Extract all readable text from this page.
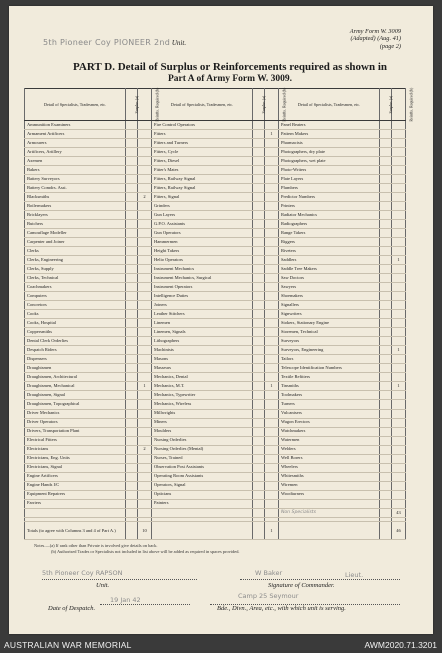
5th Pioneer Coy PIONEER 2nd Unit.
Army Form W. 3009
(Adapted) (Aug. 41)
(page 2)
PART D. Detail of Surplus or Reinforcements required as shown in
Part A of Army Form W. 3009.
Detail of Specialists, Tradesmen, etc.	Surplus (a)	Reinfts. Required (b)	Detail of Specialists, Tradesmen, etc.	Surplus (a)	Reinfts. Required (b)	Detail of Specialists, Tradesmen, etc.	Surplus (a)	Reinfts. Required (b)
Ammunition Examiners			Fire Control Operators			Panel Beaters		
Armament Artificers			Fitters		1	Pattern Makers		
Armourers			Fitters and Turners			Pharmacists		
Artificers, Artillery			Fitters, Cycle			Photographers, dry plate		
Axemen			Fitters, Diesel			Photographers, wet plate		
Bakers			Fitter's Mates			Photo-Writers		
Battery Surveyors			Fitters, Railway Signal			Plate Layers		
Battery Comdrs. Asst.			Fitters, Railway Signal			Plumbers		
Blacksmiths		2	Fitters, Signal			Predictor Numbers		
Boilermakers			Grinders			Printers		
Bricklayers			Gun Layers			Radiator Mechanics		
Butchers			G.P.O. Assistants			Radiographers		
Camouflage Modeller			Gun Operators			Range Takers		
Carpenter and Joiner			Hammermen			Riggers		
Clerks			Height Takers			Riveters		
Clerks, Engineering			Helio Operators			Saddlers		1
Clerks, Supply			Instrument Mechanics			Saddle Tree Makers		
Clerks, Technical			Instrument Mechanics, Surgical			Saw Doctors		
Coachmakers			Instrument Operators			Sawyers		
Computers			Intelligence Duties			Shoemakers		
Concretors			Joiners			Signallers		
Cooks			Leather Stitchers			Signwriters		
Cooks, Hospital			Linemen			Stokers, Stationary Engine		
Coppersmiths			Linemen, Signals			Storemen, Technical		
Dental Clerk Orderlies			Lithographers			Surveyors		
Despatch Riders			Machinists			Surveyors, Engineering		1
Dispensers			Masons			Tailors		
Draughtsmen			Masseurs			Telescope Identification Numbers		
Draughtsmen, Architectural			Mechanics, Dental			Textile Refitters		
Draughtsmen, Mechanical		1	Mechanics, M.T.		1	Tinsmiths		1
Draughtsmen, Signal			Mechanics, Typewriter			Toolmakers		
Draughtsmen, Topographical			Mechanics, Wireless			Turners		
Driver Mechanics			Millwrights			Vulcanisers		
Driver Operators			Miners			Wagon Erectors		
Drivers, Transportation Plant			Moulders			Watchmakers		
Electrical Fitters			Nursing Orderlies			Watermen		
Electricians		2	Nursing Orderlies (Mental)			Welders		
Electricians, Eng. Units			Nurses, Trained			Well Borers		
Electricians, Signal			Observation Post Assistants			Wheelers		
Engine Artificers			Operating Room Assistants			Whitesmiths		
Engine Hands I/C			Operators, Signal			Wiremen		
Equipment Repairers			Opticians			Woodturners		
Farriers			Painters					
						Non Specialists		43

Totals (to agree with Columns 3 and 4 of Part A.)		10			1			46
Notes.—(a) If rank other than Private is involved give details on back.
(b) Authorised Trades or Specialists not included in list above will be added as required in spaces provided.
5th Pioneer Coy RAPSON	W Baker	Lieut.
Unit.	Signature of Commander.
19 Jan 42	Camp 25 Seymour
Date of Despatch.	Bde., Divn., Area, etc., with which unit is serving.
AUSTRALIAN WAR MEMORIAL	AWM2020.71.3201
